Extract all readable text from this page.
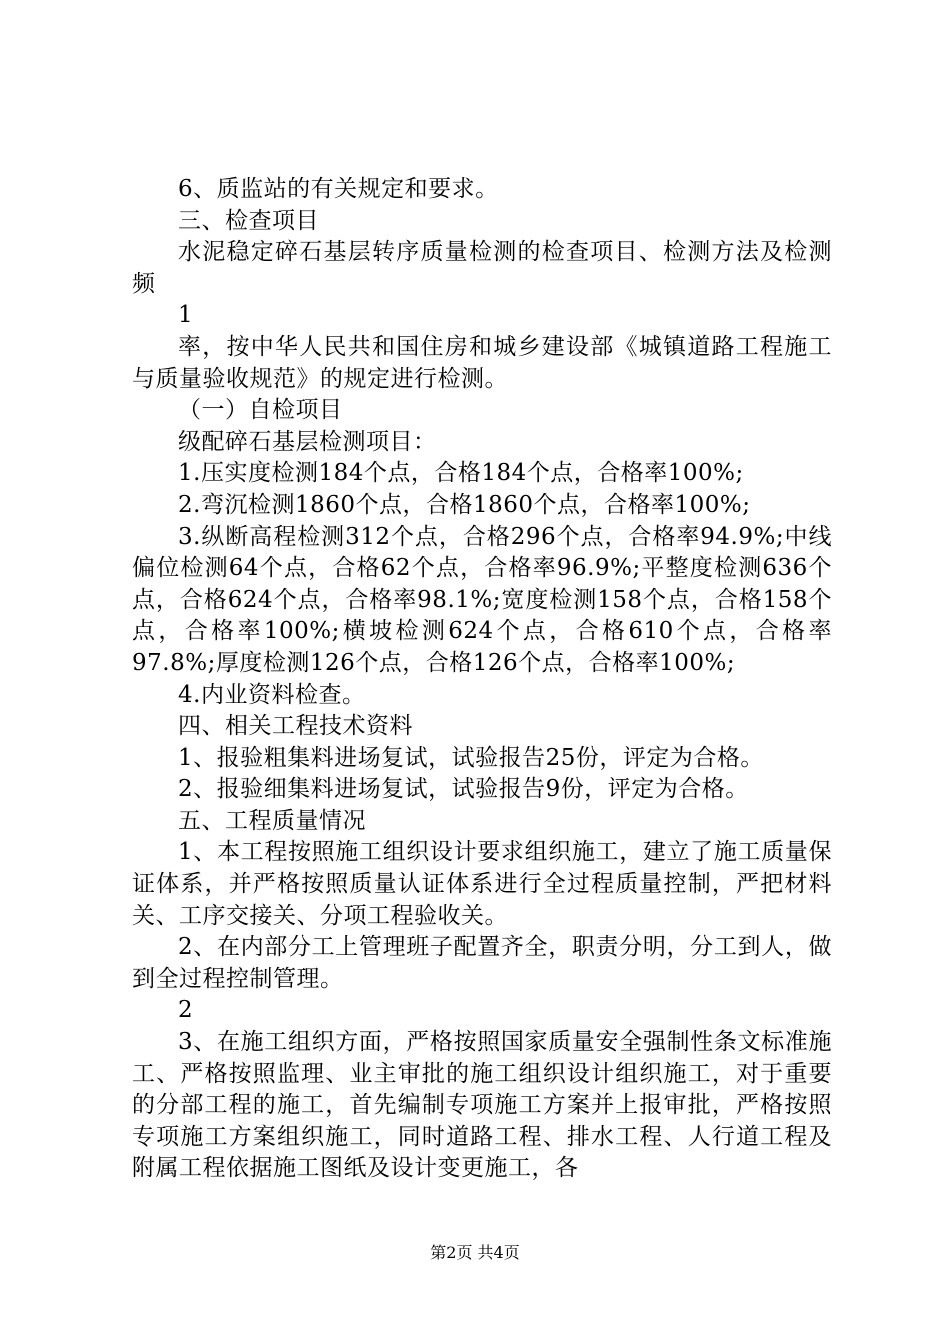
6、质监站的有关规定和要求。

三、检查项目

水泥稳定碎石基层转序质量检测的检查项目、检测方法及检测频

1

率，按中华人民共和国住房和城乡建设部《城镇道路工程施工与质量验收规范》的规定进行检测。

（一）自检项目

级配碎石基层检测项目：

1.压实度检测184个点，合格184个点，合格率100%;

2.弯沉检测1860个点，合格1860个点，合格率100%;

3.纵断高程检测312个点，合格296个点，合格率94.9%;中线偏位检测64个点，合格62个点，合格率96.9%;平整度检测636个点，合格624个点，合格率98.1%;宽度检测158个点，合格158个点，合格率100%;横坡检测624个点，合格610个点，合格率97.8%;厚度检测126个点，合格126个点，合格率100%;

4.内业资料检查。

四、相关工程技术资料

1、报验粗集料进场复试，试验报告25份，评定为合格。

2、报验细集料进场复试，试验报告9份，评定为合格。

五、工程质量情况

1、本工程按照施工组织设计要求组织施工，建立了施工质量保证体系，并严格按照质量认证体系进行全过程质量控制，严把材料关、工序交接关、分项工程验收关。

2、在内部分工上管理班子配置齐全，职责分明，分工到人，做到全过程控制管理。

2

3、在施工组织方面，严格按照国家质量安全强制性条文标准施工、严格按照监理、业主审批的施工组织设计组织施工，对于重要的分部工程的施工，首先编制专项施工方案并上报审批，严格按照专项施工方案组织施工，同时道路工程、排水工程、人行道工程及附属工程依据施工图纸及设计变更施工，各

第2页 共4页
